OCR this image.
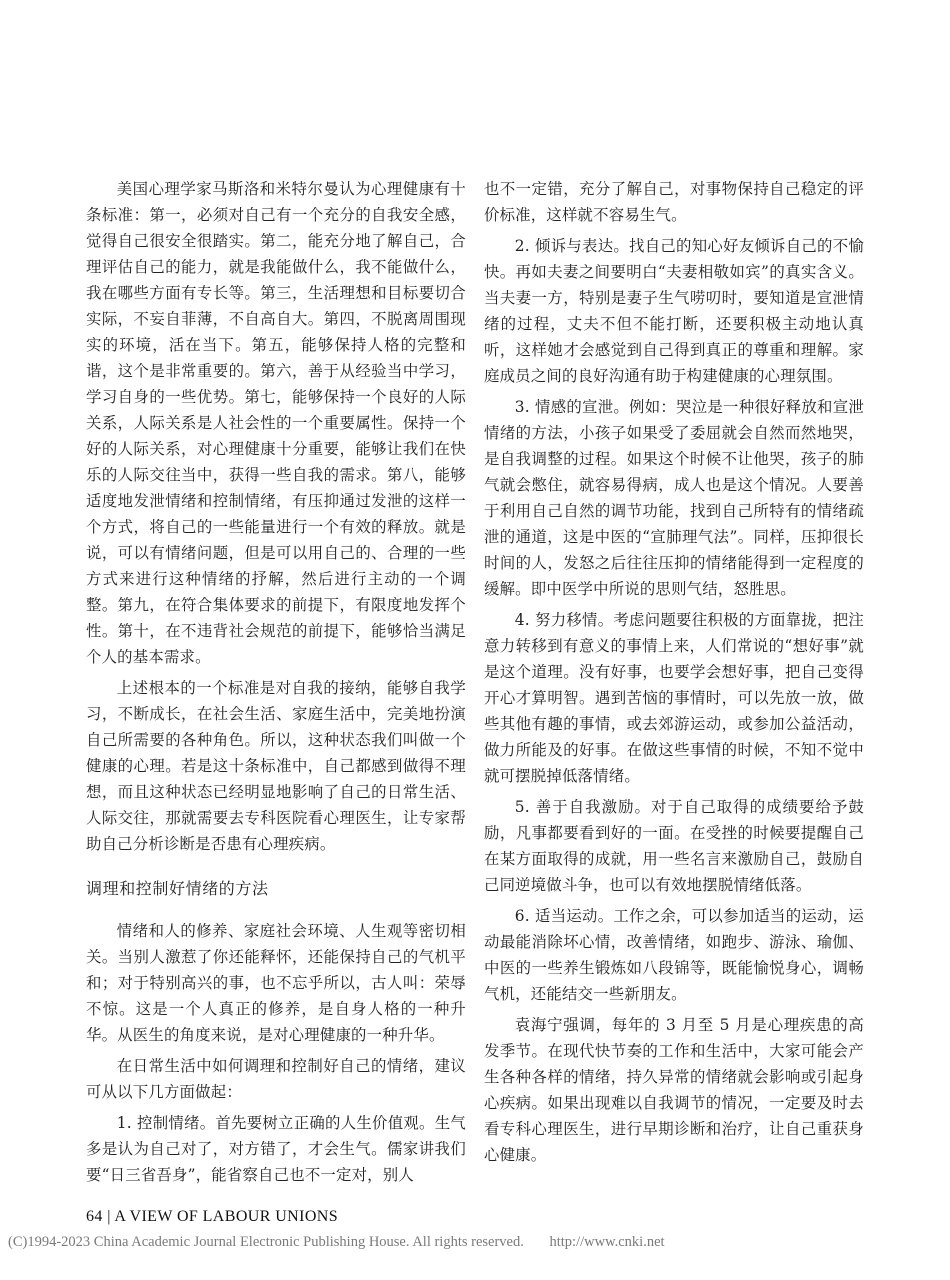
美国心理学家马斯洛和米特尔曼认为心理健康有十条标准：第一，必须对自己有一个充分的自我安全感，觉得自己很安全很踏实。第二，能充分地了解自己，合理评估自己的能力，就是我能做什么，我不能做什么，我在哪些方面有专长等。第三，生活理想和目标要切合实际，不妄自菲薄，不自高自大。第四，不脱离周围现实的环境，活在当下。第五，能够保持人格的完整和谐，这个是非常重要的。第六，善于从经验当中学习，学习自身的一些优势。第七，能够保持一个良好的人际关系，人际关系是人社会性的一个重要属性。保持一个好的人际关系，对心理健康十分重要，能够让我们在快乐的人际交往当中，获得一些自我的需求。第八，能够适度地发泄情绪和控制情绪，有压抑通过发泄的这样一个方式，将自己的一些能量进行一个有效的释放。就是说，可以有情绪问题，但是可以用自己的、合理的一些方式来进行这种情绪的抒解，然后进行主动的一个调整。第九，在符合集体要求的前提下，有限度地发挥个性。第十，在不违背社会规范的前提下，能够恰当满足个人的基本需求。

上述根本的一个标准是对自我的接纳，能够自我学习，不断成长，在社会生活、家庭生活中，完美地扮演自己所需要的各种角色。所以，这种状态我们叫做一个健康的心理。若是这十条标准中，自己都感到做得不理想，而且这种状态已经明显地影响了自己的日常生活、人际交往，那就需要去专科医院看心理医生，让专家帮助自己分析诊断是否患有心理疾病。

调理和控制好情绪的方法

情绪和人的修养、家庭社会环境、人生观等密切相关。当别人激惹了你还能释怀，还能保持自己的气机平和；对于特别高兴的事，也不忘乎所以，古人叫：荣辱不惊。这是一个人真正的修养，是自身人格的一种升华。从医生的角度来说，是对心理健康的一种升华。

在日常生活中如何调理和控制好自己的情绪，建议可从以下几方面做起：

1. 控制情绪。首先要树立正确的人生价值观。生气多是认为自己对了，对方错了，才会生气。儒家讲我们要“日三省吾身”，能省察自己也不一定对，别人

也不一定错，充分了解自己，对事物保持自己稳定的评价标准，这样就不容易生气。

2. 倾诉与表达。找自己的知心好友倾诉自己的不愉快。再如夫妻之间要明白“夫妻相敬如宾”的真实含义。当夫妻一方，特别是妻子生气唠叨时，要知道是宣泄情绪的过程，丈夫不但不能打断，还要积极主动地认真听，这样她才会感觉到自己得到真正的尊重和理解。家庭成员之间的良好沟通有助于构建健康的心理氛围。

3. 情感的宣泄。例如：哭泣是一种很好释放和宣泄情绪的方法，小孩子如果受了委屈就会自然而然地哭，是自我调整的过程。如果这个时候不让他哭，孩子的肺气就会憋住，就容易得病，成人也是这个情况。人要善于利用自己自然的调节功能，找到自己所特有的情绪疏泄的通道，这是中医的“宣肺理气法”。同样，压抑很长时间的人，发怒之后往往压抑的情绪能得到一定程度的缓解。即中医学中所说的思则气结，怒胜思。

4. 努力移情。考虑问题要往积极的方面靠拢，把注意力转移到有意义的事情上来，人们常说的“想好事”就是这个道理。没有好事，也要学会想好事，把自己变得开心才算明智。遇到苦恼的事情时，可以先放一放，做些其他有趣的事情，或去郊游运动，或参加公益活动，做力所能及的好事。在做这些事情的时候，不知不觉中就可摆脱掉低落情绪。

5. 善于自我激励。对于自己取得的成绩要给予鼓励，凡事都要看到好的一面。在受挫的时候要提醒自己在某方面取得的成就，用一些名言来激励自己，鼓励自己同逆境做斗争，也可以有效地摆脱情绪低落。

6. 适当运动。工作之余，可以参加适当的运动，运动最能消除坏心情，改善情绪，如跑步、游泳、瑜伽、中医的一些养生锻炼如八段锦等，既能愉悦身心，调畅气机，还能结交一些新朋友。

袁海宁强调，每年的 3 月至 5 月是心理疾患的高发季节。在现代快节奏的工作和生活中，大家可能会产生各种各样的情绪，持久异常的情绪就会影响或引起身心疾病。如果出现难以自我调节的情况，一定要及时去看专科心理医生，进行早期诊断和治疗，让自己重获身心健康。

64 | A VIEW OF LABOUR UNIONS
(C)1994-2023 China Academic Journal Electronic Publishing House. All rights reserved. http://www.cnki.net
